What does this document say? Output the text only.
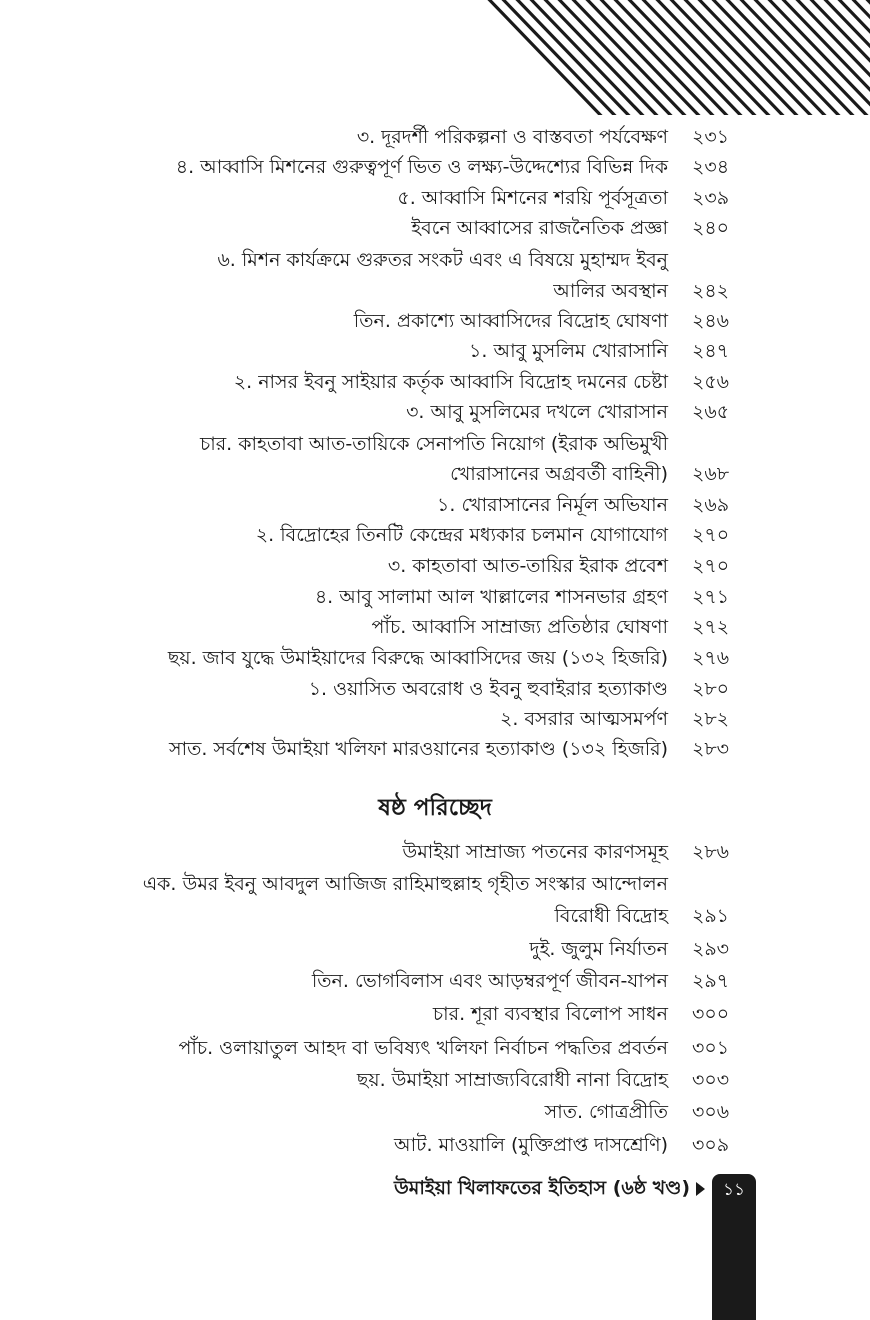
৩. দূরদর্শী পরিকল্পনা ও বাস্তবতা পর্যবেক্ষণ ২৩১
৪. আব্বাসি মিশনের গুরুত্বপূর্ণ ভিত ও লক্ষ্য-উদ্দেশ্যের বিভিন্ন দিক ২৩৪
৫. আব্বাসি মিশনের শরয়ি পূর্বসূত্রতা ২৩৯
ইবনে আব্বাসের রাজনৈতিক প্রজ্ঞা ২৪০
৬. মিশন কার্যক্রমে গুরুতর সংকট এবং এ বিষয়ে মুহাম্মদ ইবনু
আলির অবস্থান ২৪২
তিন. প্রকাশ্যে আব্বাসিদের বিদ্রোহ ঘোষণা ২৪৬
১. আবু মুসলিম খোরাসানি ২৪৭
২. নাসর ইবনু সাইয়ার কর্তৃক আব্বাসি বিদ্রোহ দমনের চেষ্টা ২৫৬
৩. আবু মুসলিমের দখলে খোরাসান ২৬৫
চার. কাহতাবা আত-তায়িকে সেনাপতি নিয়োগ (ইরাক অভিমুখী
খোরাসানের অগ্রবর্তী বাহিনী) ২৬৮
১. খোরাসানের নির্মূল অভিযান ২৬৯
২. বিদ্রোহের তিনটি কেন্দ্রের মধ্যকার চলমান যোগাযোগ ২৭০
৩. কাহতাবা আত-তায়ির ইরাক প্রবেশ ২৭০
৪. আবু সালামা আল খাল্লালের শাসনভার গ্রহণ ২৭১
পাঁচ. আব্বাসি সাম্রাজ্য প্রতিষ্ঠার ঘোষণা ২৭২
ছয়. জাব যুদ্ধে উমাইয়াদের বিরুদ্ধে আব্বাসিদের জয় (১৩২ হিজরি) ২৭৬
১. ওয়াসিত অবরোধ ও ইবনু হুবাইরার হত্যাকাণ্ড ২৮০
২. বসরার আত্মসমর্পণ ২৮২
সাত. সর্বশেষ উমাইয়া খলিফা মারওয়ানের হত্যাকাণ্ড (১৩২ হিজরি) ২৮৩
ষষ্ঠ পরিচ্ছেদ
উমাইয়া সাম্রাজ্য পতনের কারণসমূহ ২৮৬
এক. উমর ইবনু আবদুল আজিজ রাহিমাহুল্লাহ গৃহীত সংস্কার আন্দোলন
বিরোধী বিদ্রোহ ২৯১
দুই. জুলুম নির্যাতন ২৯৩
তিন. ভোগবিলাস এবং আড়ম্বরপূর্ণ জীবন-যাপন ২৯৭
চার. শূরা ব্যবস্থার বিলোপ সাধন ৩০০
পাঁচ. ওলায়াতুল আহদ বা ভবিষ্যৎ খলিফা নির্বাচন পদ্ধতির প্রবর্তন ৩০১
ছয়. উমাইয়া সাম্রাজ্যবিরোধী নানা বিদ্রোহ ৩০৩
সাত. গোত্রপ্রীতি ৩০৬
আট. মাওয়ালি (মুক্তিপ্রাপ্ত দাসশ্রেণি) ৩০৯
উমাইয়া খিলাফতের ইতিহাস (৬ষ্ঠ খণ্ড)	১১
